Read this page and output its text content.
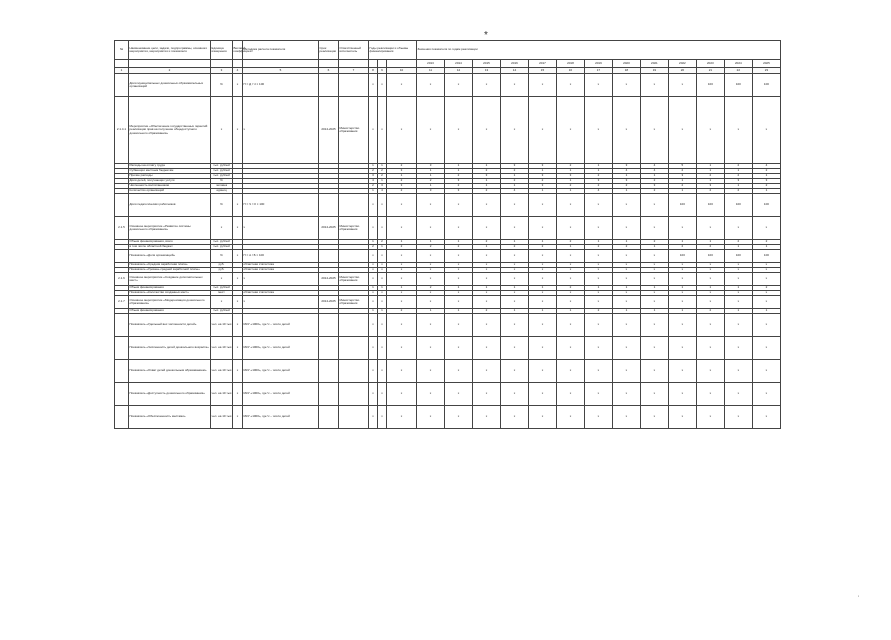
*
№	Наименование цели, задачи, подпрограммы, основного мероприятия, мероприятия и показателя	Единица измерения	Весовой коэффициент	Методика расчета показателя	Срок реализации	Ответственный исполнитель	Годы реализации и объемы финансирования			Значения показателя по годам реализации												
										2013	2014	2015	2016	2017	2018	2019	2020	2021	2022	2023	2024	2025
1	2	3	4	5	6	7	8	9	10	11	12	13	14	15	16	17	18	19	20	21	22	23
	Доля муниципальных дошкольных образовательных организаций	%	х	П = Д / Ч × 100			х	х	х	х	х	х	х	х	х	х	х	х	х	100	100	100
2.1.4.1	Мероприятие «Обеспечение государственных гарантий реализации прав на получение общедоступного дошкольного образования»	х	х	х	2014-2025	Министерство образования	х	х	х	х	х	х	х	х	х	х	х	х	х	х	х	х
	Расходы на оплату труда	тыс. рублей					1	1	2	3	1	1	3	3	2	1	3	4	5	1	2	4
	Субвенции местным бюджетам	тыс. рублей					2	2	3	1	1	2	2	1	1	1	4	4	2	1	1	2
	Прочие расходы	тыс. рублей					3	2	1	1	2	3	1	3	3	2	1	1	3	2	2	1
	Доля детей, получающих услуги	%					4	1	2	2	3	1	2	2	1	3	3	2	1	1	3	3
	Численность воспитанников	человек					2	3	3	1	2	1	1	3	2	2	2	3	2	3	1	2
	Количество организаций	единиц					1	4	2	3	3	2	4	1	1	4	1	2	1	2	2	1
	Доля педагогических работников	%	х	П = Ч / О × 100			х	х	х	х	х	х	х	х	х	х	х	х	100	100	100	100
2.1.5	Основное мероприятие «Развитие системы дошкольного образования»	х	х	х	2014-2025	Министерство образования	х	х	х	х	х	х	х	х	х	х	х	х	х	х	х	х
	Объем финансирования, всего	тыс. рублей					1	2	1	1	1	2	1	1	2	1	1	2	1	1	2	2
	в том числе областной бюджет	тыс. рублей					2	1	2	2	2	1	2	2	1	2	2	1	2	2	1	1
	Показатель «Доля организаций»	%	х	П = А / Б × 100			х	х	х	х	х	х	х	х	х	х	х	х	100	100	100	100
	Показатель «Средняя заработная плата»	руб.		областная статистика			х	х	х	х	х	х	х	х	х	х	х	х	х	х	х	х
	Показатель «Уровень средней заработной платы»	руб.		областная статистика			х	х	х	х	х	х	х	х	х	х	х	х	х	х	х	х
2.1.6	Основное мероприятие «Создание дополнительных мест»	х	х	х	2014-2025	Министерство образования	х	х	х	х	х	х	х	х	х	х	х	х	х	х	х	х
	Объем финансирования	тыс. рублей					1	1	1	2	1	1	1	1	2	1	1	1	1	1	1	2
	Показатель «Количество созданных мест»	мест		областная статистика			х	х	х	х	х	х	х	х	х	х	х	х	х	х	х	х
2.1.7	Основное мероприятие «Модернизация дошкольного образования»	х	х	х	2014-2025	Министерство образования	х	х	х	х	х	х	х	х	х	х	х	х	х	х	х	х
	Объем финансирования	тыс. рублей					1	1	2	1	1	2	1	1	1	2	1	1	1	2	1	1
	Показатель «Удельный вес численности детей»	чел. на 10 тыс.	х	МКУ «1000», где Ч – число детей			х	х	х	х	х	х	х	х	х	х	х	х	х	х	х	х
	Показатель «Численность детей дошкольного возраста»	чел. на 10 тыс.	х	МКУ «1000», где Ч – число детей			х	х	х	х	х	х	х	х	х	х	х	х	х	х	х	х
	Показатель «Охват детей дошкольным образованием»	чел. на 10 тыс.	х	МКУ «1000», где Ч – число детей			х	х	х	х	х	х	х	х	х	х	х	х	х	х	х	х
	Показатель «Доступность дошкольного образования»	чел. на 10 тыс.	х	МКУ «1000», где Ч – число детей			х	х	х	х	х	х	х	х	х	х	х	х	х	х	х	х
	Показатель «Обеспеченность местами»	чел. на 10 тыс.	х	МКУ «1000», где Ч – число детей			х	х	х	х	х	х	х	х	х	х	х	х	х	х	х	х
'
